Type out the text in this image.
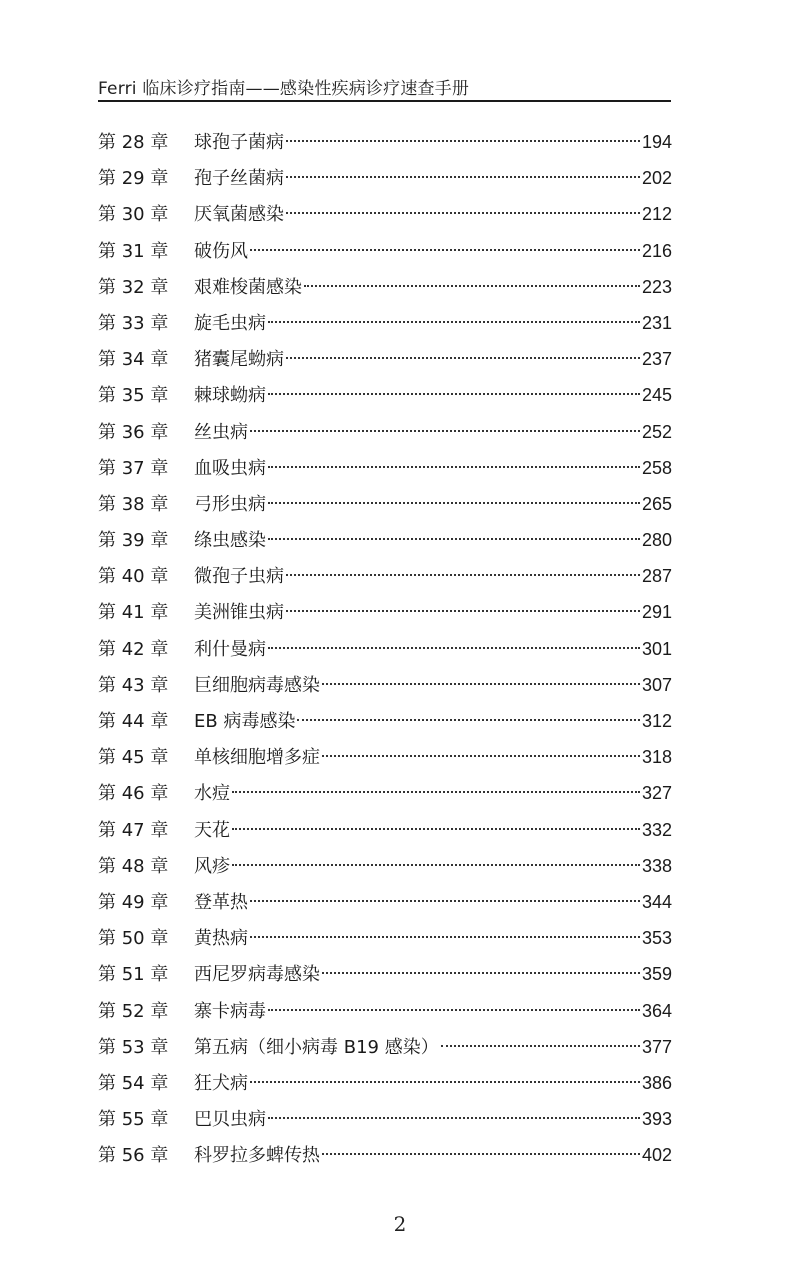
Ferri 临床诊疗指南——感染性疾病诊疗速查手册
第 28 章	球孢子菌病	194
第 29 章	孢子丝菌病	202
第 30 章	厌氧菌感染	212
第 31 章	破伤风	216
第 32 章	艰难梭菌感染	223
第 33 章	旋毛虫病	231
第 34 章	猪囊尾蚴病	237
第 35 章	棘球蚴病	245
第 36 章	丝虫病	252
第 37 章	血吸虫病	258
第 38 章	弓形虫病	265
第 39 章	绦虫感染	280
第 40 章	微孢子虫病	287
第 41 章	美洲锥虫病	291
第 42 章	利什曼病	301
第 43 章	巨细胞病毒感染	307
第 44 章	EB 病毒感染	312
第 45 章	单核细胞增多症	318
第 46 章	水痘	327
第 47 章	天花	332
第 48 章	风疹	338
第 49 章	登革热	344
第 50 章	黄热病	353
第 51 章	西尼罗病毒感染	359
第 52 章	寨卡病毒	364
第 53 章	第五病（细小病毒 B19 感染）	377
第 54 章	狂犬病	386
第 55 章	巴贝虫病	393
第 56 章	科罗拉多蜱传热	402
2
